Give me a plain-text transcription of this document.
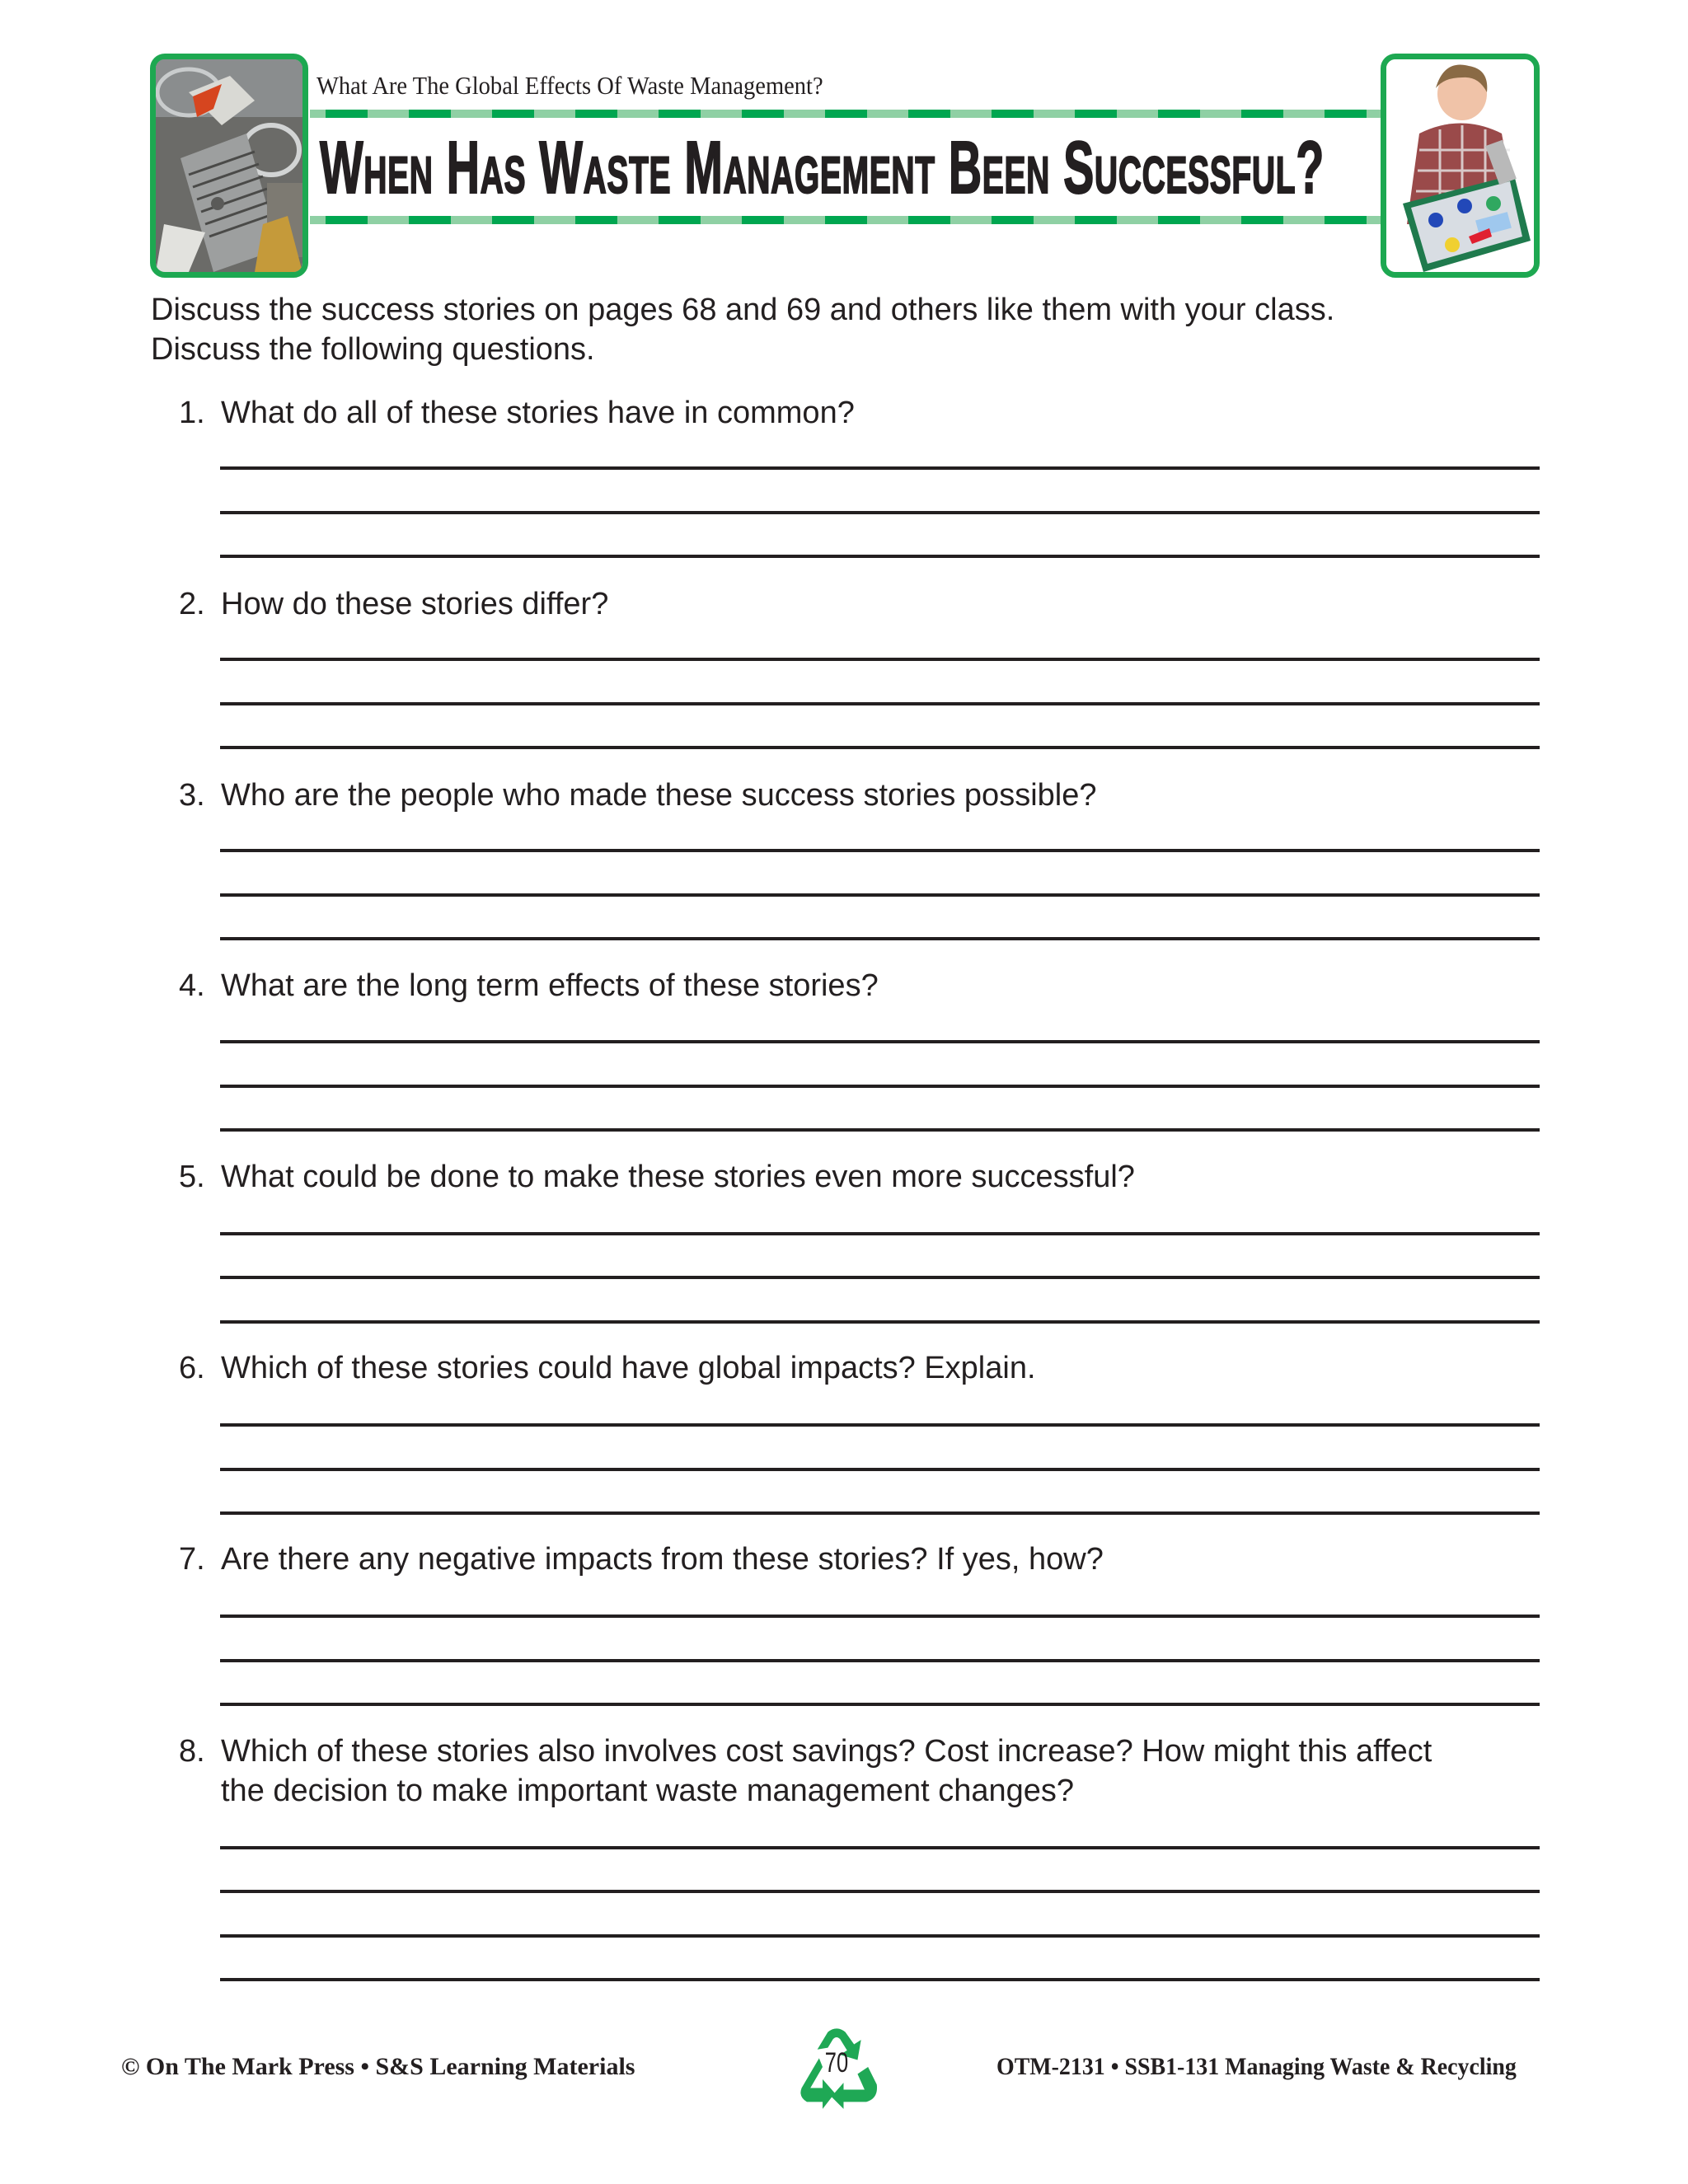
What Are The Global Effects Of Waste Management?
When Has Waste Management Been Successful?
Discuss the success stories on pages 68 and 69 and others like them with your class.
Discuss the following questions.
1. What do all of these stories have in common?
2. How do these stories differ?
3. Who are the people who made these success stories possible?
4. What are the long term effects of these stories?
5. What could be done to make these stories even more successful?
6. Which of these stories could have global impacts? Explain.
7. Are there any negative impacts from these stories? If yes, how?
8. Which of these stories also involves cost savings? Cost increase? How might this affect
the decision to make important waste management changes?
© On The Mark Press • S&S Learning Materials	70	OTM-2131 • SSB1-131 Managing Waste & Recycling
